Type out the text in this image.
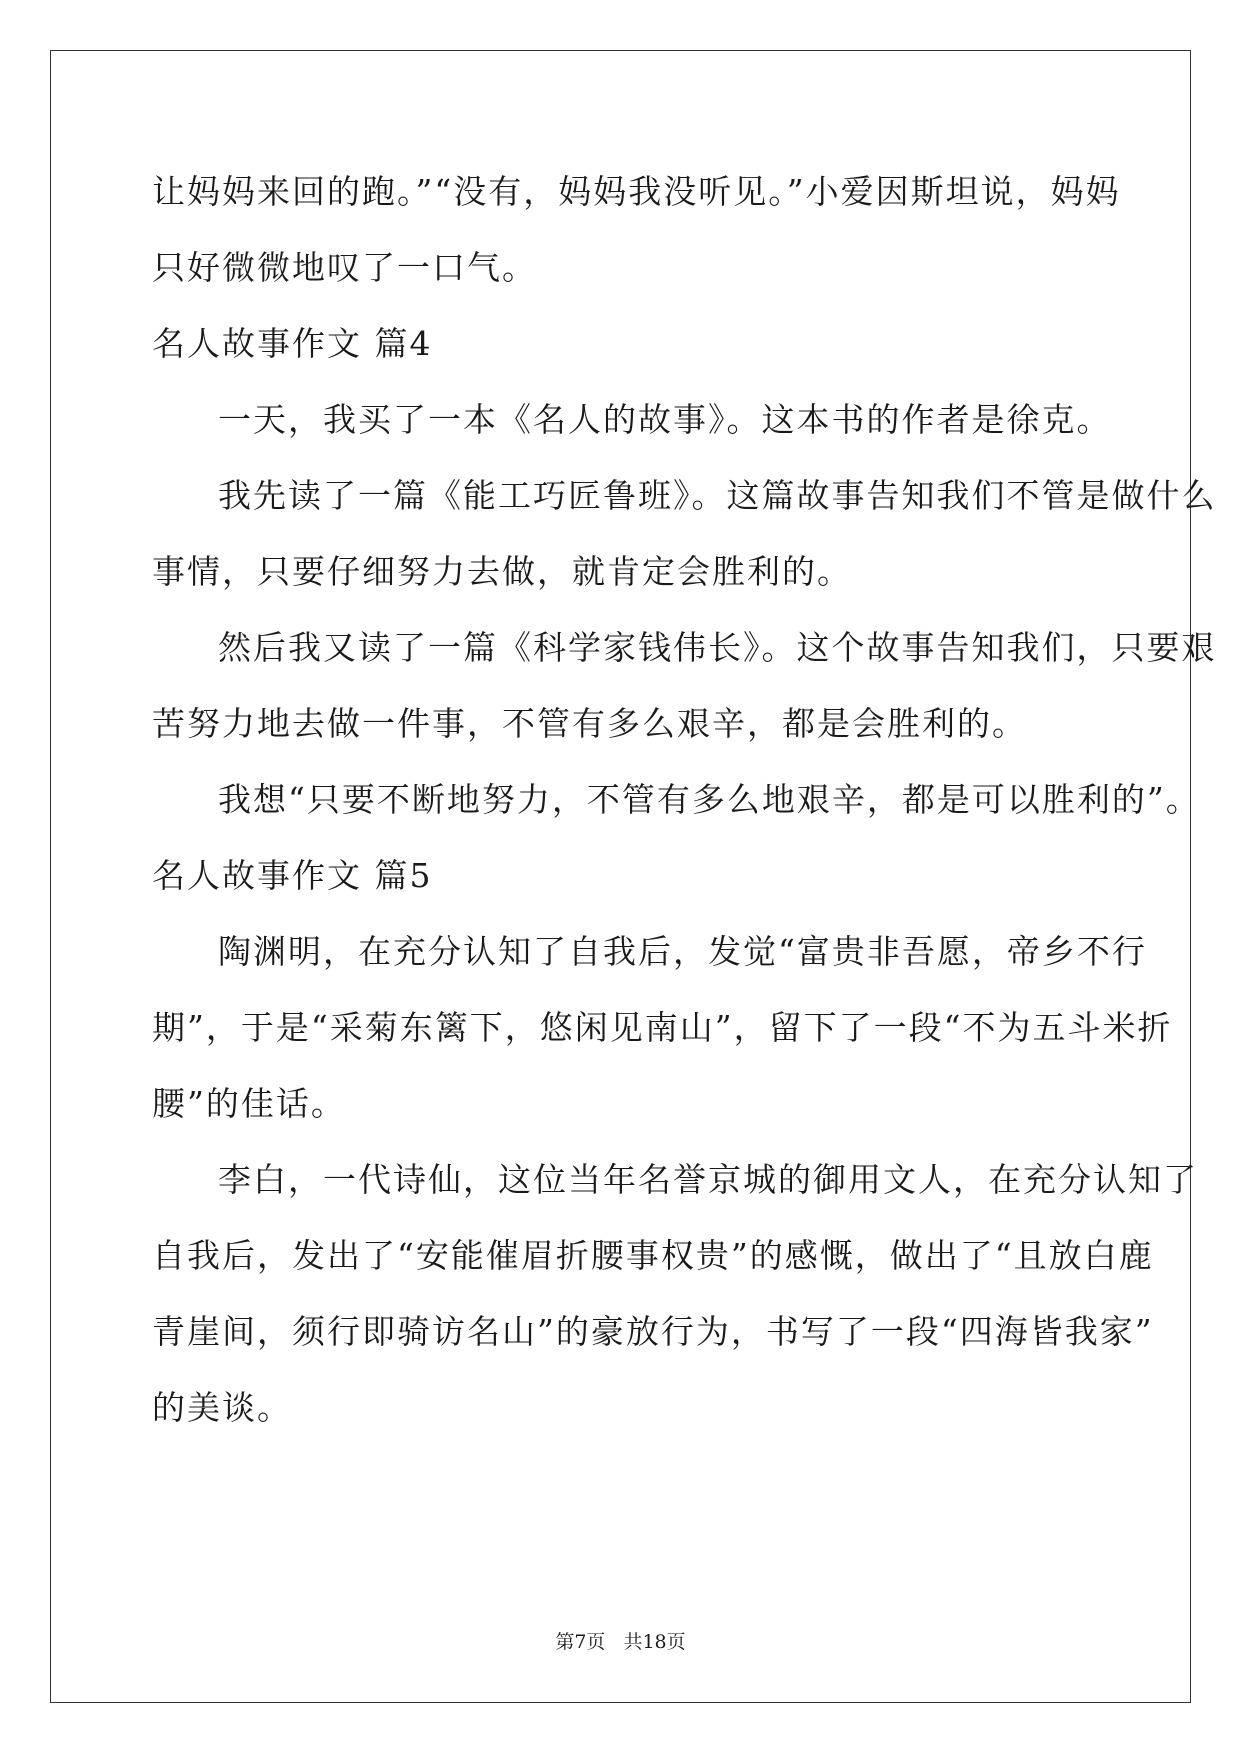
让妈妈来回的跑。”“没有，妈妈我没听见。”小爱因斯坦说，妈妈

只好微微地叹了一口气。

名人故事作文 篇4

一天，我买了一本《名人的故事》。这本书的作者是徐克。

我先读了一篇《能工巧匠鲁班》。这篇故事告知我们不管是做什么

事情，只要仔细努力去做，就肯定会胜利的。

然后我又读了一篇《科学家钱伟长》。这个故事告知我们，只要艰

苦努力地去做一件事，不管有多么艰辛，都是会胜利的。

我想“只要不断地努力，不管有多么地艰辛，都是可以胜利的”。

名人故事作文 篇5

陶渊明，在充分认知了自我后，发觉“富贵非吾愿，帝乡不行

期”，于是“采菊东篱下，悠闲见南山”，留下了一段“不为五斗米折

腰”的佳话。

李白，一代诗仙，这位当年名誉京城的御用文人，在充分认知了

自我后，发出了“安能催眉折腰事权贵”的感慨，做出了“且放白鹿

青崖间，须行即骑访名山”的豪放行为，书写了一段“四海皆我家”

的美谈。

第7页 共18页
